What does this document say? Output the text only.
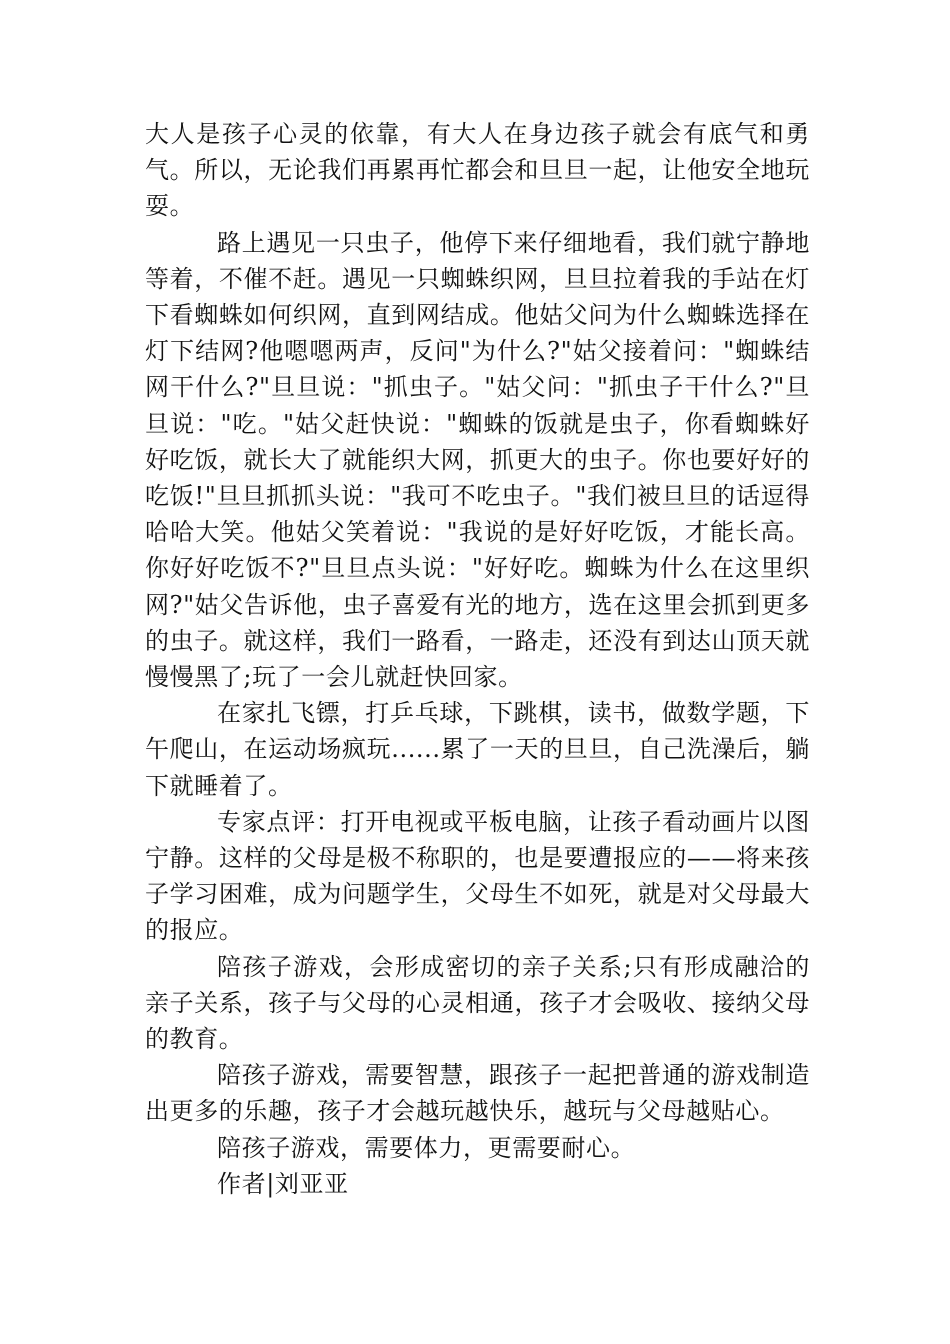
大人是孩子心灵的依靠，有大人在身边孩子就会有底气和勇气。所以，无论我们再累再忙都会和旦旦一起，让他安全地玩耍。

路上遇见一只虫子，他停下来仔细地看，我们就宁静地等着，不催不赶。遇见一只蜘蛛织网，旦旦拉着我的手站在灯下看蜘蛛如何织网，直到网结成。他姑父问为什么蜘蛛选择在灯下结网?他嗯嗯两声，反问"为什么?"姑父接着问："蜘蛛结网干什么?"旦旦说："抓虫子。"姑父问："抓虫子干什么?"旦旦说："吃。"姑父赶快说："蜘蛛的饭就是虫子，你看蜘蛛好好吃饭，就长大了就能织大网，抓更大的虫子。你也要好好的吃饭!"旦旦抓抓头说："我可不吃虫子。"我们被旦旦的话逗得哈哈大笑。他姑父笑着说："我说的是好好吃饭，才能长高。你好好吃饭不?"旦旦点头说："好好吃。蜘蛛为什么在这里织网?"姑父告诉他，虫子喜爱有光的地方，选在这里会抓到更多的虫子。就这样，我们一路看，一路走，还没有到达山顶天就慢慢黑了;玩了一会儿就赶快回家。

在家扎飞镖，打乒乓球，下跳棋，读书，做数学题，下午爬山，在运动场疯玩......累了一天的旦旦，自己洗澡后，躺下就睡着了。

专家点评：打开电视或平板电脑，让孩子看动画片以图宁静。这样的父母是极不称职的，也是要遭报应的——将来孩子学习困难，成为问题学生，父母生不如死，就是对父母最大的报应。

陪孩子游戏，会形成密切的亲子关系;只有形成融洽的亲子关系，孩子与父母的心灵相通，孩子才会吸收、接纳父母的教育。

陪孩子游戏，需要智慧，跟孩子一起把普通的游戏制造出更多的乐趣，孩子才会越玩越快乐，越玩与父母越贴心。

陪孩子游戏，需要体力，更需要耐心。

作者|刘亚亚
